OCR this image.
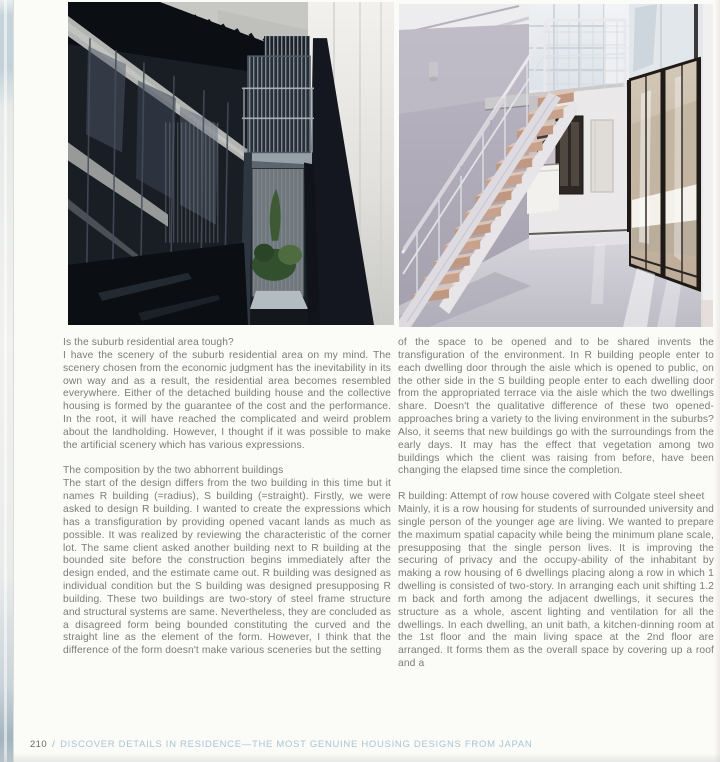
Is the suburb residential area tough?
I have the scenery of the suburb residential area on my mind. The scenery chosen from the economic judgment has the inevitability in its own way and as a result, the residential area becomes resembled everywhere. Either of the detached building house and the collective housing is formed by the guarantee of the cost and the performance. In the root, it will have reached the complicated and weird problem about the landholding. However, I thought if it was possible to make the artificial scenery which has various expressions.
The composition by the two abhorrent buildings
The start of the design differs from the two building in this time but it names R building (=radius), S building (=straight). Firstly, we were asked to design R building. I wanted to create the expressions which has a transfiguration by providing opened vacant lands as much as possible. It was realized by reviewing the characteristic of the corner lot. The same client asked another building next to R building at the bounded site before the construction begins immediately after the design ended, and the estimate came out. R building was designed as individual condition but the S building was designed presupposing R building. These two buildings are two-story of steel frame structure and structural systems are same. Nevertheless, they are concluded as a disagreed form being bounded constituting the curved and the straight line as the element of the form. However, I think that the difference of the form doesn't make various sceneries but the setting
of the space to be opened and to be shared invents the transfiguration of the environment. In R building people enter to each dwelling door through the aisle which is opened to public, on the other side in the S building people enter to each dwelling door from the appropriated terrace via the aisle which the two dwellings share. Doesn't the qualitative difference of these two opened-approaches bring a variety to the living environment in the suburbs? Also, it seems that new buildings go with the surroundings from the early days. It may has the effect that vegetation among two buildings which the client was raising from before, have been changing the elapsed time since the completion.
R building: Attempt of row house covered with Colgate steel sheet
Mainly, it is a row housing for students of surrounded university and single person of the younger age are living. We wanted to prepare the maximum spatial capacity while being the minimum plane scale, presupposing that the single person lives. It is improving the securing of privacy and the occupy-ability of the inhabitant by making a row housing of 6 dwellings placing along a row in which 1 dwelling is consisted of two-story. In arranging each unit shifting 1.2 m back and forth among the adjacent dwellings, it secures the structure as a whole, ascent lighting and ventilation for all the dwellings. In each dwelling, an unit bath, a kitchen-dinning room at the 1st floor and the main living space at the 2nd floor are arranged. It forms them as the overall space by covering up a roof and a
210 / DISCOVER DETAILS IN RESIDENCE—THE MOST GENUINE HOUSING DESIGNS FROM JAPAN
